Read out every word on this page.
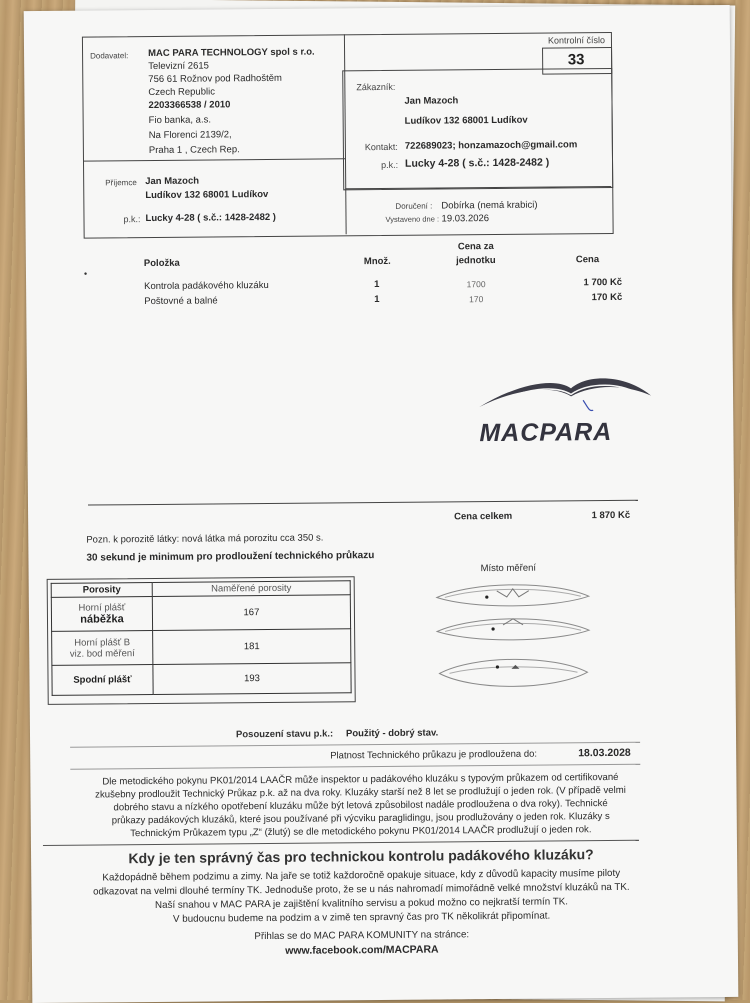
Dodavatel: MAC PARA TECHNOLOGY spol s r.o.
Televizní 2615
756 61 Rožnov pod Radhoštěm
Czech Republic
2203366538 / 2010
Fio banka, a.s.
Na Florenci 2139/2,
Praha 1 , Czech Rep.
Kontrolní číslo
33
Zákazník:
Jan Mazoch
Ludíkov 132 68001 Ludíkov
Kontakt: 722689023; honzamazoch@gmail.com
p.k.: Lucky 4-28 ( s.č.: 1428-2482 )
Příjemce Jan Mazoch
Ludíkov 132 68001 Ludíkov
p.k.: Lucky 4-28 ( s.č.: 1428-2482 )
Doručení : Dobírka (nemá krabici)
Vystaveno dne : 19.03.2026
Položka	Množ.
Cena za
jednotku	Cena
Kontrola padákového kluzáku	1	1700	1 700 Kč
Poštovné a balné	1	170	170 Kč
MACPARA
Cena celkem	1 870 Kč
Pozn. k porozitě látky: nová látka má porozitu cca 350 s.
30 sekund je minimum pro prodloužení technického průkazu
Porosity	Naměřené porosity

Horní plášť
náběžka	167

Horní plášť B
viz. bod měření	181
Spodní plášť	193
Místo měření
Posouzení stavu p.k.: Použitý - dobrý stav.
Platnost Technického průkazu je prodloužena do:	18.03.2028
Dle metodického pokynu PK01/2014 LAAČR může inspektor u padákového kluzáku s typovým průkazem od certifikované
zkušebny prodloužit Technický Průkaz p.k. až na dva roky. Kluzáky starší než 8 let se prodlužují o jeden rok. (V případě velmi
dobrého stavu a nízkého opotřebení kluzáku může být letová způsobilost nadále prodloužena o dva roky). Technické
průkazy padákových kluzáků, které jsou používané při výcviku paraglidingu, jsou prodlužovány o jeden rok. Kluzáky s
Technickým Průkazem typu „Z“ (žlutý) se dle metodického pokynu PK01/2014 LAAČR prodlužují o jeden rok.
Kdy je ten správný čas pro technickou kontrolu padákového kluzáku?
Každopádně během podzimu a zimy. Na jaře se totiž každoročně opakuje situace, kdy z důvodů kapacity musíme piloty
odkazovat na velmi dlouhé termíny TK. Jednoduše proto, že se u nás nahromadí mimořádně velké množství kluzáků na TK.
Naší snahou v MAC PARA je zajištění kvalitního servisu a pokud možno co nejkratší termín TK.
V budoucnu budeme na podzim a v zimě ten spravný čas pro TK několikrát připomínat.
Přihlas se do MAC PARA KOMUNITY na stránce:
www.facebook.com/MACPARA
•
